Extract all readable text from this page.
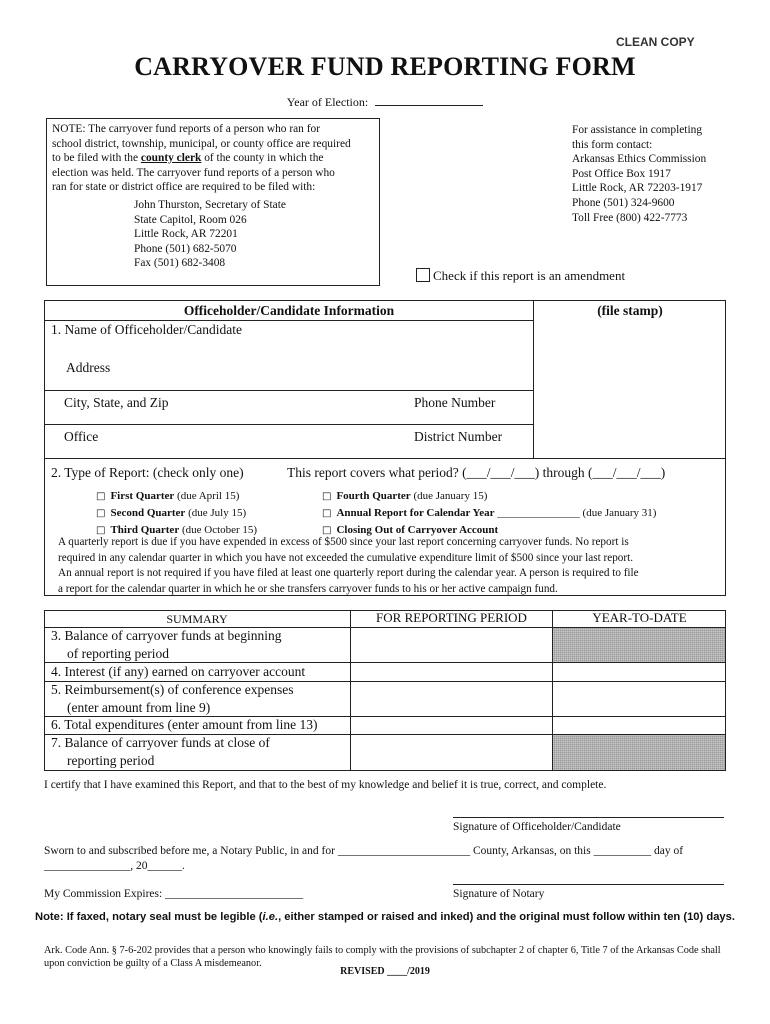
CLEAN COPY
CARRYOVER FUND REPORTING FORM
Year of Election:
NOTE: The carryover fund reports of a person who ran for
school district, township, municipal, or county office are required
to be filed with the county clerk of the county in which the
election was held. The carryover fund reports of a person who
ran for state or district office are required to be filed with:
John Thurston, Secretary of State
State Capitol, Room 026
Little Rock, AR 72201
Phone (501) 682-5070
Fax (501) 682-3408
For assistance in completing
this form contact:
Arkansas Ethics Commission
Post Office Box 1917
Little Rock, AR 72203-1917
Phone (501) 324-9600
Toll Free (800) 422-7773
Check if this report is an amendment
Officeholder/Candidate Information	(file stamp)
1. Name of Officeholder/Candidate
Address
City, State, and Zip	Phone Number
Office	District Number
2. Type of Report: (check only one)	This report covers what period? (___/___/___) through (___/___/___)
□ First Quarter (due April 15)
□ Second Quarter (due July 15)
□ Third Quarter (due October 15)
□ Fourth Quarter (due January 15)
□ Annual Report for Calendar Year _______________ (due January 31)
□ Closing Out of Carryover Account
A quarterly report is due if you have expended in excess of $500 since your last report concerning carryover funds. No report is
required in any calendar quarter in which you have not exceeded the cumulative expenditure limit of $500 since your last report.
An annual report is not required if you have filed at least one quarterly report during the calendar year. A person is required to file
a report for the calendar quarter in which he or she transfers carryover funds to his or her active campaign fund.
SUMMARY	FOR REPORTING PERIOD	YEAR-TO-DATE
3. Balance of carryover funds at beginning
of reporting period
4. Interest (if any) earned on carryover account
5. Reimbursement(s) of conference expenses
(enter amount from line 9)
6. Total expenditures (enter amount from line 13)
7. Balance of carryover funds at close of
reporting period
I certify that I have examined this Report, and that to the best of my knowledge and belief it is true, correct, and complete.
Signature of Officeholder/Candidate
Sworn to and subscribed before me, a Notary Public, in and for _______________________ County, Arkansas, on this __________ day of
_______________, 20______.
My Commission Expires: ________________________	Signature of Notary
Note: If faxed, notary seal must be legible (i.e., either stamped or raised and inked) and the original must follow within ten (10) days.
Ark. Code Ann. § 7-6-202 provides that a person who knowingly fails to comply with the provisions of subchapter 2 of chapter 6, Title 7 of the Arkansas Code shall upon conviction be guilty of a Class A misdemeanor.
REVISED ____/2019
